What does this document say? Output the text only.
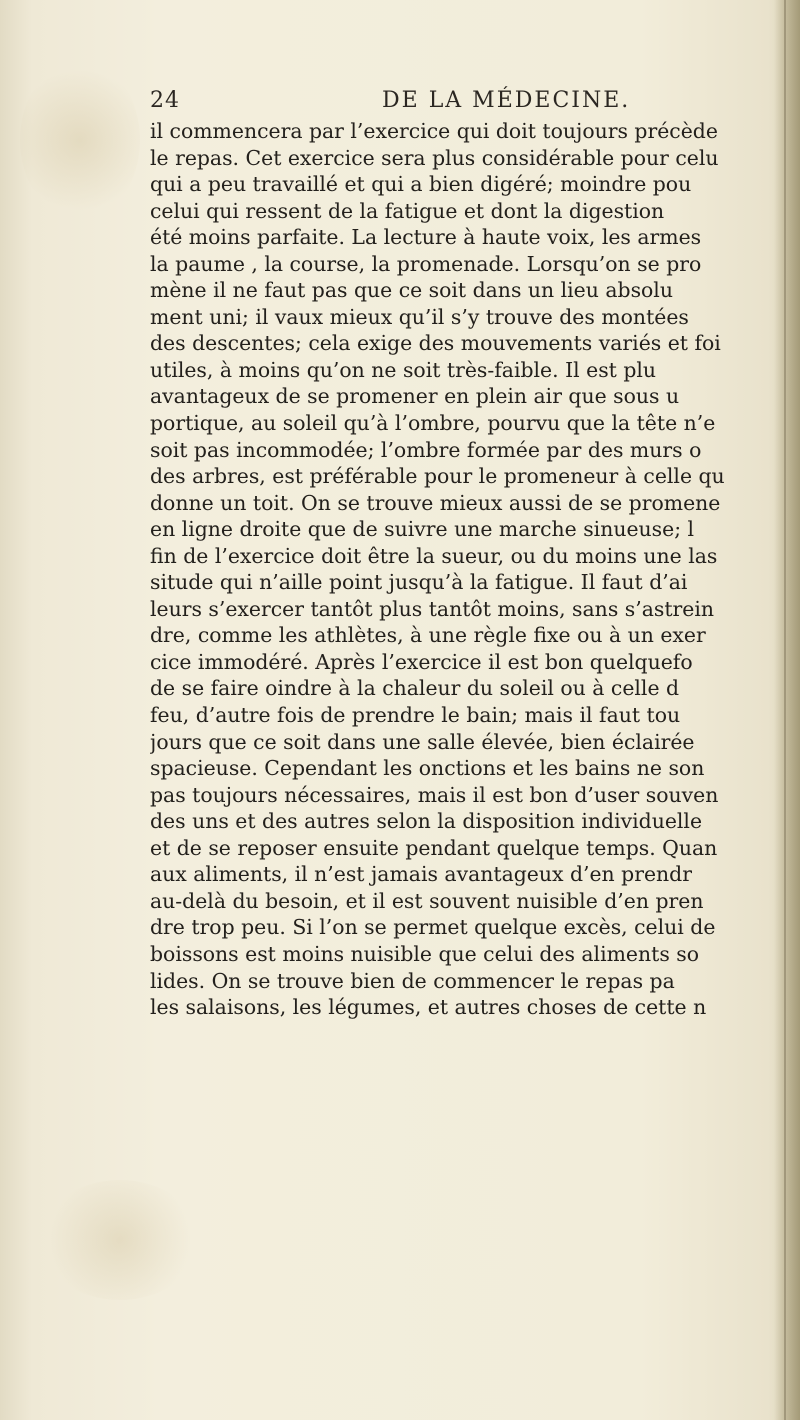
24	DE LA MÉDECINE.
il commencera par l’exercice qui doit toujours précède
le repas. Cet exercice sera plus considérable pour celu
qui a peu travaillé et qui a bien digéré; moindre pou
celui qui ressent de la fatigue et dont la digestion
été moins parfaite. La lecture à haute voix, les armes
la paume , la course, la promenade. Lorsqu’on se pro
mène il ne faut pas que ce soit dans un lieu absolu
ment uni; il vaux mieux qu’il s’y trouve des montées
des descentes; cela exige des mouvements variés et foi
utiles, à moins qu’on ne soit très-faible. Il est plu
avantageux de se promener en plein air que sous u
portique, au soleil qu’à l’ombre, pourvu que la tête n’e
soit pas incommodée; l’ombre formée par des murs o
des arbres, est préférable pour le promeneur à celle qu
donne un toit. On se trouve mieux aussi de se promene
en ligne droite que de suivre une marche sinueuse; l
fin de l’exercice doit être la sueur, ou du moins une las
situde qui n’aille point jusqu’à la fatigue. Il faut d’ai
leurs s’exercer tantôt plus tantôt moins, sans s’astrein
dre, comme les athlètes, à une règle fixe ou à un exer
cice immodéré. Après l’exercice il est bon quelquefo
de se faire oindre à la chaleur du soleil ou à celle d
feu, d’autre fois de prendre le bain; mais il faut tou
jours que ce soit dans une salle élevée, bien éclairée
spacieuse. Cependant les onctions et les bains ne son
pas toujours nécessaires, mais il est bon d’user souven
des uns et des autres selon la disposition individuelle
et de se reposer ensuite pendant quelque temps. Quan
aux aliments, il n’est jamais avantageux d’en prendr
au-delà du besoin, et il est souvent nuisible d’en pren
dre trop peu. Si l’on se permet quelque excès, celui de
boissons est moins nuisible que celui des aliments so
lides. On se trouve bien de commencer le repas pa
les salaisons, les légumes, et autres choses de cette n
